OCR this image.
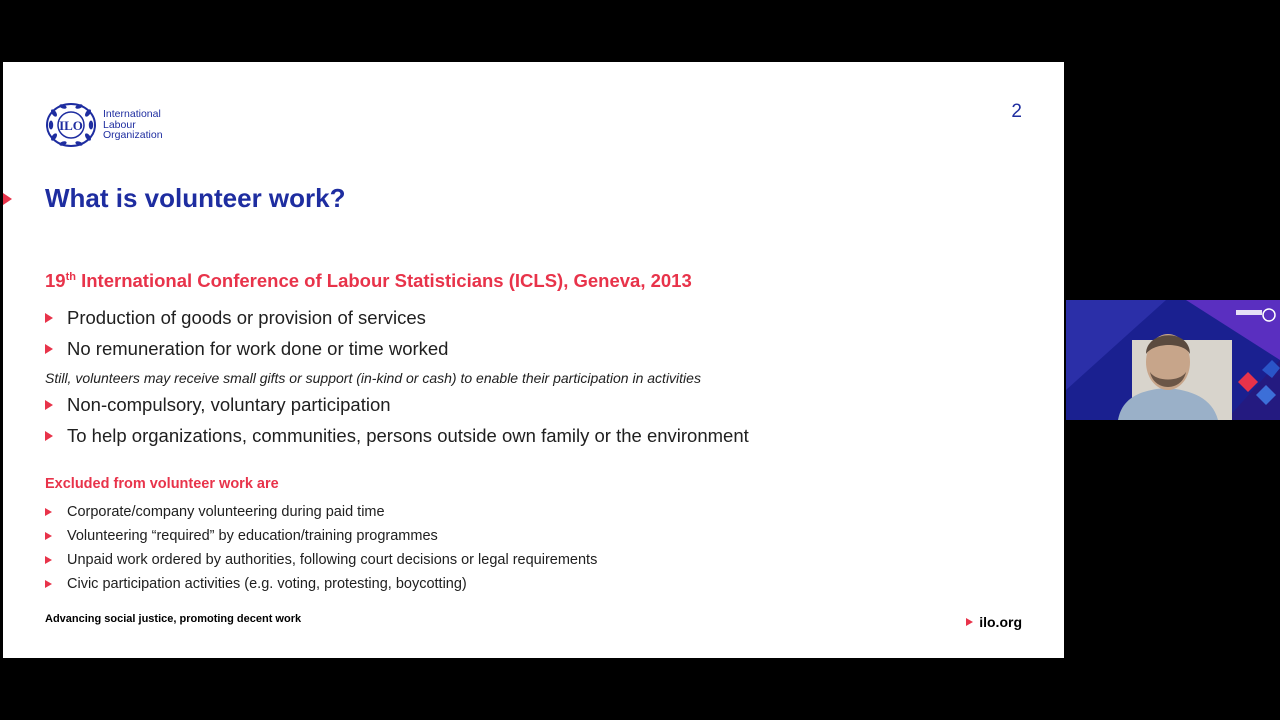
ILO
International
Labour
Organization
2
What is volunteer work?
19th International Conference of Labour Statisticians (ICLS), Geneva, 2013
Production of goods or provision of services
No remuneration for work done or time worked
Still, volunteers may receive small gifts or support (in-kind or cash) to enable their participation in activities
Non-compulsory, voluntary participation
To help organizations, communities, persons outside own family or the environment
Excluded from volunteer work are
Corporate/company volunteering during paid time
Volunteering “required” by education/training programmes
Unpaid work ordered by authorities, following court decisions or legal requirements
Civic participation activities (e.g. voting, protesting, boycotting)
Advancing social justice, promoting decent work	ilo.org
